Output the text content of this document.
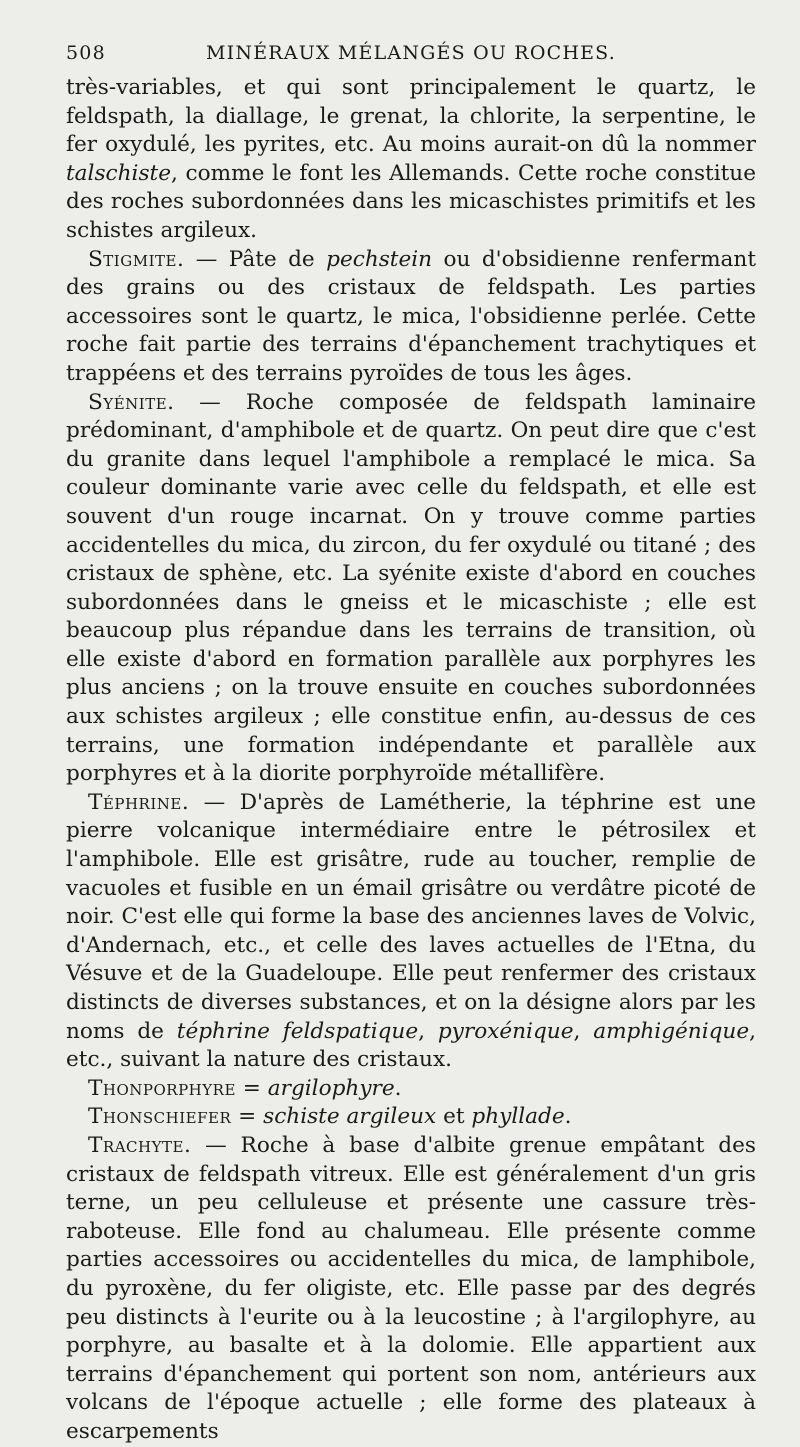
508	MINÉRAUX MÉLANGÉS OU ROCHES.

très-variables, et qui sont principalement le quartz, le feldspath, la diallage, le grenat, la chlorite, la serpentine, le fer oxydulé, les pyrites, etc. Au moins aurait-on dû la nommer talschiste, comme le font les Allemands. Cette roche constitue des roches subordonnées dans les micaschistes primitifs et les schistes argileux.

Stigmite. — Pâte de pechstein ou d'obsidienne renfermant des grains ou des cristaux de feldspath. Les parties accessoires sont le quartz, le mica, l'obsidienne perlée. Cette roche fait partie des terrains d'épanchement trachytiques et trappéens et des terrains pyroïdes de tous les âges.

Syénite. — Roche composée de feldspath laminaire prédominant, d'amphibole et de quartz. On peut dire que c'est du granite dans lequel l'amphibole a remplacé le mica. Sa couleur dominante varie avec celle du feldspath, et elle est souvent d'un rouge incarnat. On y trouve comme parties accidentelles du mica, du zircon, du fer oxydulé ou titané ; des cristaux de sphène, etc. La syénite existe d'abord en couches subordonnées dans le gneiss et le micaschiste ; elle est beaucoup plus répandue dans les terrains de transition, où elle existe d'abord en formation parallèle aux porphyres les plus anciens ; on la trouve ensuite en couches subordonnées aux schistes argileux ; elle constitue enfin, au-dessus de ces terrains, une formation indépendante et parallèle aux porphyres et à la diorite porphyroïde métallifère.

Téphrine. — D'après de Lamétherie, la téphrine est une pierre volcanique intermédiaire entre le pétrosilex et l'amphibole. Elle est grisâtre, rude au toucher, remplie de vacuoles et fusible en un émail grisâtre ou verdâtre picoté de noir. C'est elle qui forme la base des anciennes laves de Volvic, d'Andernach, etc., et celle des laves actuelles de l'Etna, du Vésuve et de la Guadeloupe. Elle peut renfermer des cristaux distincts de diverses substances, et on la désigne alors par les noms de téphrine feldspatique, pyroxénique, amphigénique, etc., suivant la nature des cristaux.

Thonporphyre = argilophyre.

Thonschiefer = schiste argileux et phyllade.

Trachyte. — Roche à base d'albite grenue empâtant des cristaux de feldspath vitreux. Elle est généralement d'un gris terne, un peu celluleuse et présente une cassure très-raboteuse. Elle fond au chalumeau. Elle présente comme parties accessoires ou accidentelles du mica, de lamphibole, du pyroxène, du fer oligiste, etc. Elle passe par des degrés peu distincts à l'eurite ou à la leucostine ; à l'argilophyre, au porphyre, au basalte et à la dolomie. Elle appartient aux terrains d'épanchement qui portent son nom, antérieurs aux volcans de l'époque actuelle ; elle forme des plateaux à escarpements
